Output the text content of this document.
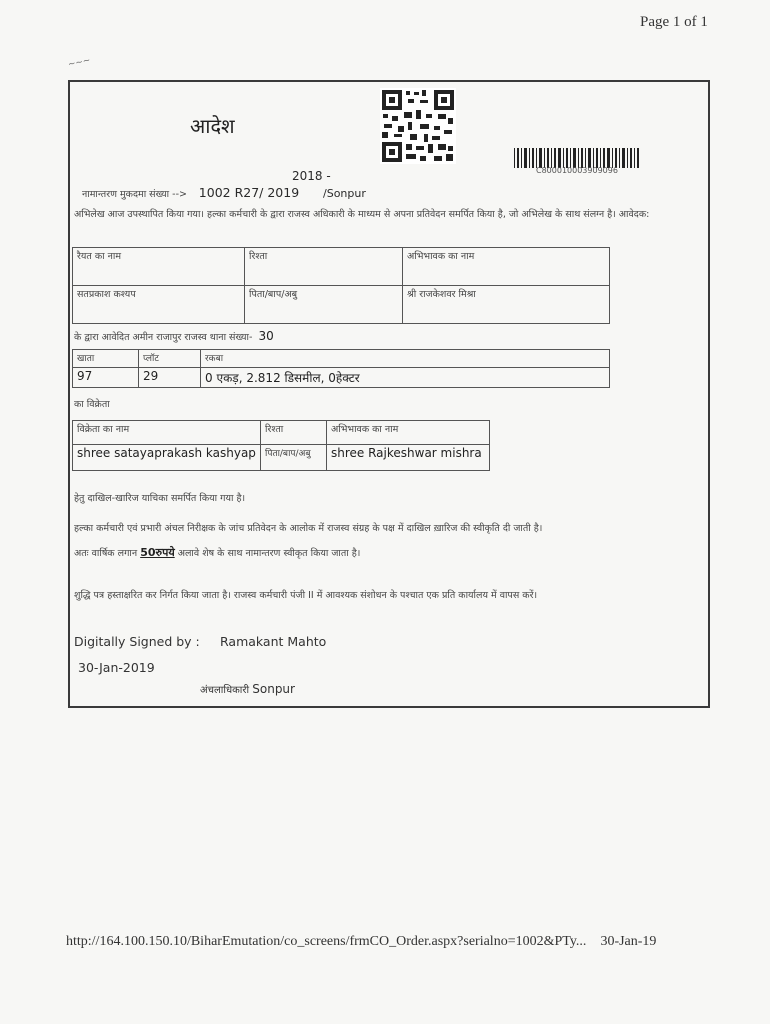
Page 1 of 1
~~~
आदेश
C800010003909096
2018 -
नामान्तरण मुकदमा संख्या --> 1002 R27/ 2019 /Sonpur
अभिलेख आज उपस्थापित किया गया। हल्का कर्मचारी के द्वारा राजस्व अधिकारी के माध्यम से अपना प्रतिवेदन समर्पित किया है, जो अभिलेख के साथ संलग्न है। आवेदक:
रैयत का नाम	रिश्ता	अभिभावक का नाम
सतप्रकाश कश्यप	पिता/बाप/अबु	श्री राजकेशवर मिश्रा
के द्वारा आवेदित अमीन राजापुर राजस्व थाना संख्या- 30
खाता	प्लॉट	रकबा
97	29	0 एकड़, 2.812 डिसमील, 0हेक्टर
का विक्रेता
विक्रेता का नाम	रिश्ता	अभिभावक का नाम
shree satayaprakash kashyap	पिता/बाप/अबु	shree Rajkeshwar mishra
हेतु दाखिल-खारिज याचिका समर्पित किया गया है।
हल्का कर्मचारी एवं प्रभारी अंचल निरीक्षक के जांच प्रतिवेदन के आलोक में राजस्व संग्रह के पक्ष में दाखिल ख़ारिज की स्वीकृति दी जाती है।
अतः वार्षिक लगान 50रुपये अलावे शेष के साथ नामान्तरण स्वीकृत किया जाता है।
शुद्धि पत्र हस्ताक्षरित कर निर्गत किया जाता है। राजस्व कर्मचारी पंजी II में आवश्यक संशोधन के पश्चात एक प्रति कार्यालय में वापस करें।
Digitally Signed by : Ramakant Mahto
30-Jan-2019
अंचलाधिकारी Sonpur
http://164.100.150.10/BiharEmutation/co_screens/frmCO_Order.aspx?serialno=1002&PTy... 30-Jan-19
